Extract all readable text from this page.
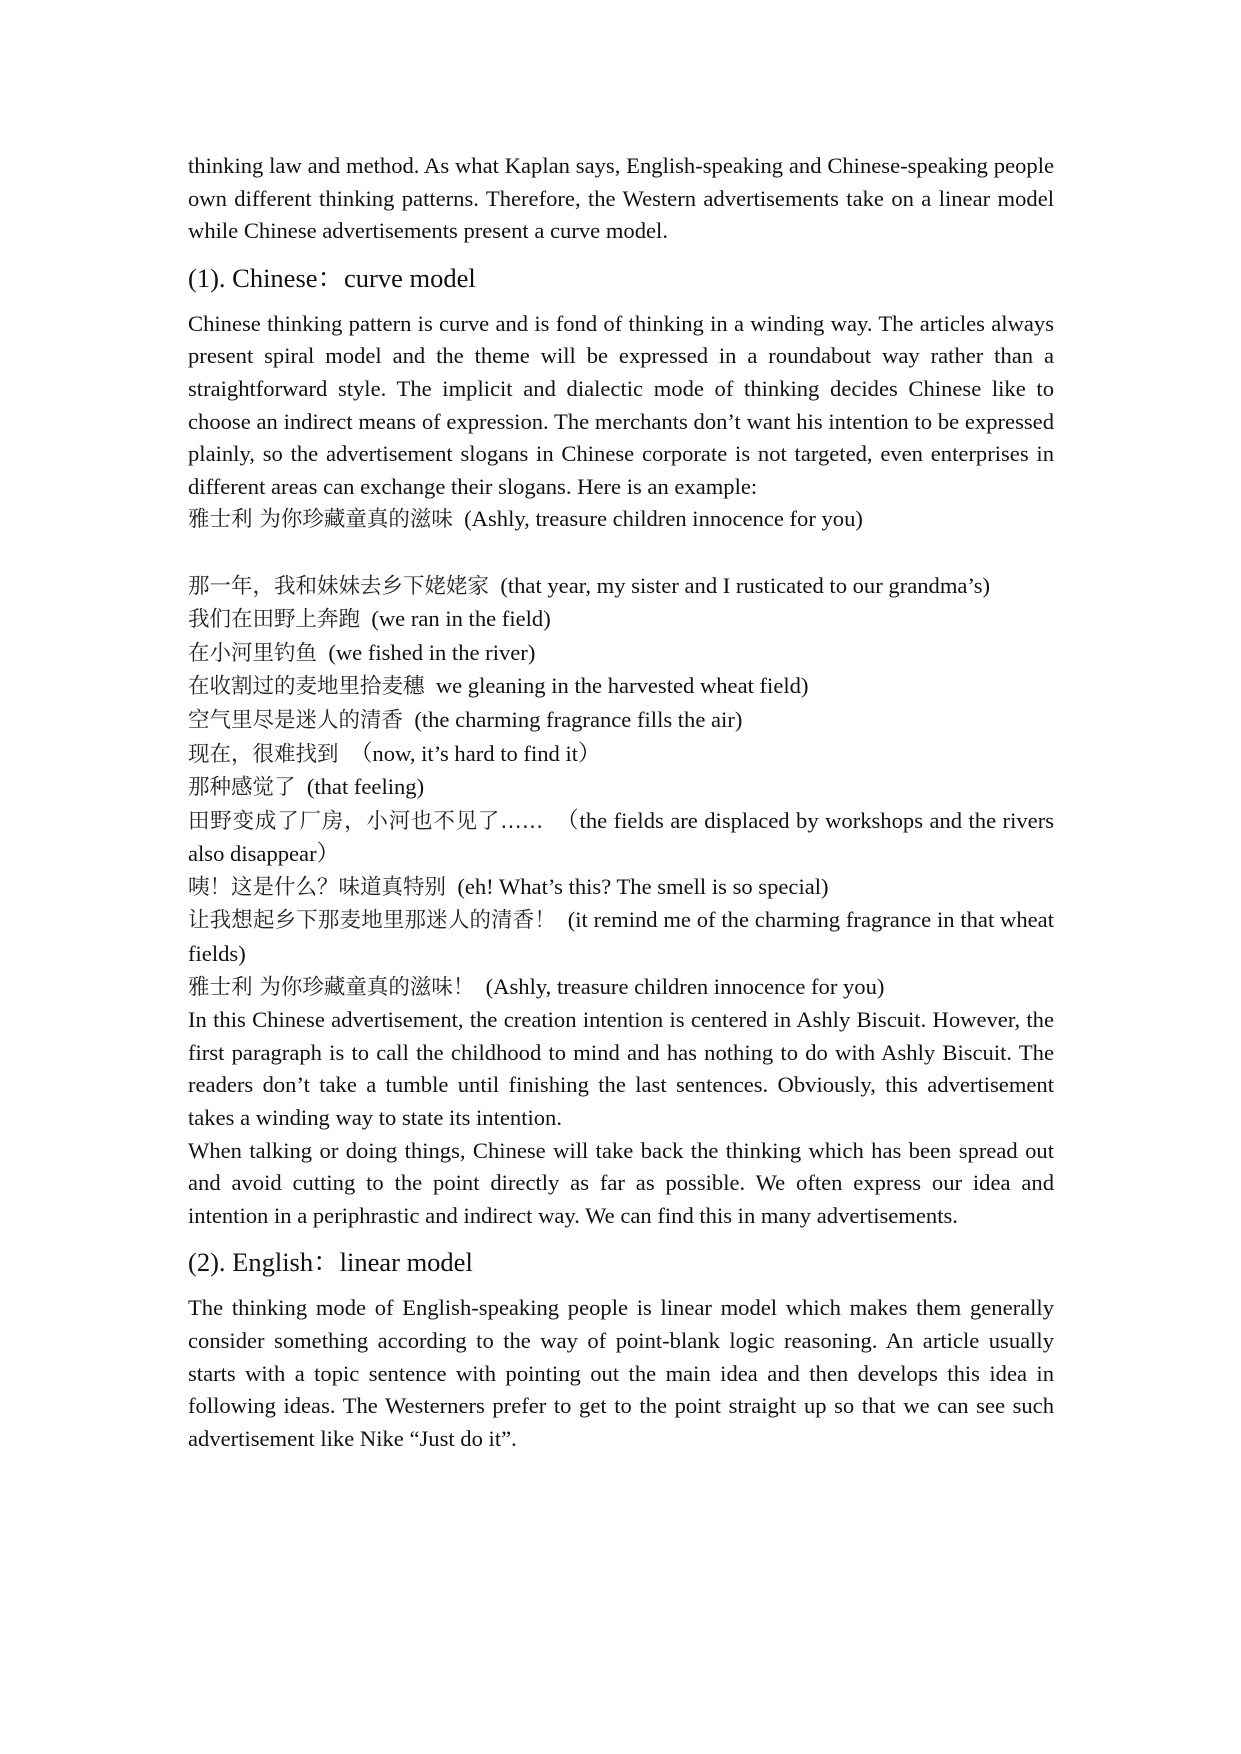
thinking law and method. As what Kaplan says, English-speaking and Chinese-speaking people own different thinking patterns. Therefore, the Western advertisements take on a linear model while Chinese advertisements present a curve model.

(1). Chinese：curve model

Chinese thinking pattern is curve and is fond of thinking in a winding way. The articles always present spiral model and the theme will be expressed in a roundabout way rather than a straightforward style. The implicit and dialectic mode of thinking decides Chinese like to choose an indirect means of expression. The merchants don’t want his intention to be expressed plainly, so the advertisement slogans in Chinese corporate is not targeted, even enterprises in different areas can exchange their slogans. Here is an example:

雅士利 为你珍藏童真的滋味 (Ashly, treasure children innocence for you)

那一年，我和妹妹去乡下姥姥家 (that year, my sister and I rusticated to our grandma’s)

我们在田野上奔跑 (we ran in the field)

在小河里钓鱼 (we fished in the river)

在收割过的麦地里拾麦穗 we gleaning in the harvested wheat field)

空气里尽是迷人的清香 (the charming fragrance fills the air)

现在，很难找到 （now, it’s hard to find it）

那种感觉了 (that feeling)

田野变成了厂房，小河也不见了…… （the fields are displaced by workshops and the rivers also disappear）

咦！这是什么？味道真特别 (eh! What’s this? The smell is so special)

让我想起乡下那麦地里那迷人的清香！ (it remind me of the charming fragrance in that wheat fields)

雅士利 为你珍藏童真的滋味！ (Ashly, treasure children innocence for you)

In this Chinese advertisement, the creation intention is centered in Ashly Biscuit. However, the first paragraph is to call the childhood to mind and has nothing to do with Ashly Biscuit. The readers don’t take a tumble until finishing the last sentences. Obviously, this advertisement takes a winding way to state its intention.

When talking or doing things, Chinese will take back the thinking which has been spread out and avoid cutting to the point directly as far as possible. We often express our idea and intention in a periphrastic and indirect way. We can find this in many advertisements.

(2). English：linear model

The thinking mode of English-speaking people is linear model which makes them generally consider something according to the way of point-blank logic reasoning. An article usually starts with a topic sentence with pointing out the main idea and then develops this idea in following ideas. The Westerners prefer to get to the point straight up so that we can see such advertisement like Nike “Just do it”.
